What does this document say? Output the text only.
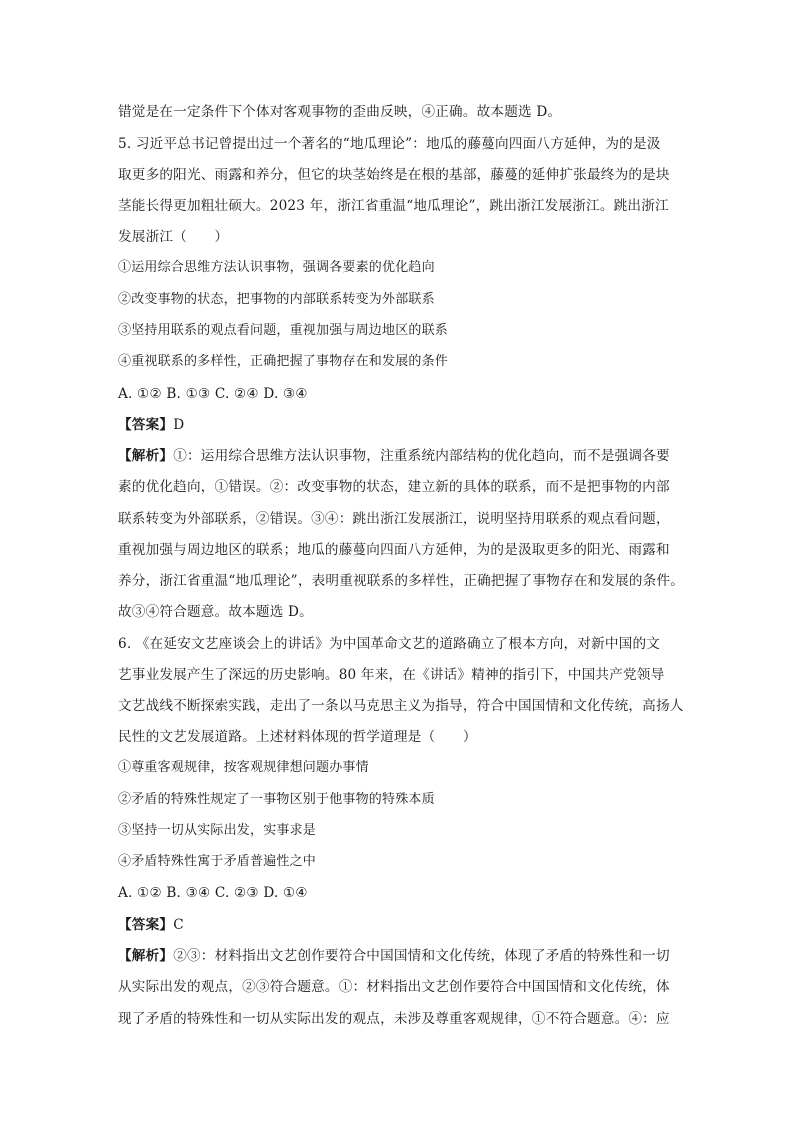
错觉是在一定条件下个体对客观事物的歪曲反映，④正确。故本题选 D。
5. 习近平总书记曾提出过一个著名的“地瓜理论”：地瓜的藤蔓向四面八方延伸，为的是汲
取更多的阳光、雨露和养分，但它的块茎始终是在根的基部，藤蔓的延伸扩张最终为的是块
茎能长得更加粗壮硕大。2023 年，浙江省重温“地瓜理论”，跳出浙江发展浙江。跳出浙江
发展浙江（　　）
①运用综合思维方法认识事物，强调各要素的优化趋向
②改变事物的状态，把事物的内部联系转变为外部联系
③坚持用联系的观点看问题，重视加强与周边地区的联系
④重视联系的多样性，正确把握了事物存在和发展的条件
A. ①② B. ①③ C. ②④ D. ③④
【答案】D
【解析】①：运用综合思维方法认识事物，注重系统内部结构的优化趋向，而不是强调各要
素的优化趋向，①错误。②：改变事物的状态，建立新的具体的联系，而不是把事物的内部
联系转变为外部联系，②错误。③④：跳出浙江发展浙江，说明坚持用联系的观点看问题，
重视加强与周边地区的联系；地瓜的藤蔓向四面八方延伸，为的是汲取更多的阳光、雨露和
养分，浙江省重温“地瓜理论”，表明重视联系的多样性，正确把握了事物存在和发展的条件。
故③④符合题意。故本题选 D。
6. 《在延安文艺座谈会上的讲话》为中国革命文艺的道路确立了根本方向，对新中国的文
艺事业发展产生了深远的历史影响。80 年来，在《讲话》精神的指引下，中国共产党领导
文艺战线不断探索实践，走出了一条以马克思主义为指导，符合中国国情和文化传统，高扬人
民性的文艺发展道路。上述材料体现的哲学道理是（　　）
①尊重客观规律，按客观规律想问题办事情
②矛盾的特殊性规定了一事物区别于他事物的特殊本质
③坚持一切从实际出发，实事求是
④矛盾特殊性寓于矛盾普遍性之中
A. ①② B. ③④ C. ②③ D. ①④
【答案】C
【解析】②③：材料指出文艺创作要符合中国国情和文化传统，体现了矛盾的特殊性和一切
从实际出发的观点，②③符合题意。①：材料指出文艺创作要符合中国国情和文化传统，体
现了矛盾的特殊性和一切从实际出发的观点，未涉及尊重客观规律，①不符合题意。④：应
